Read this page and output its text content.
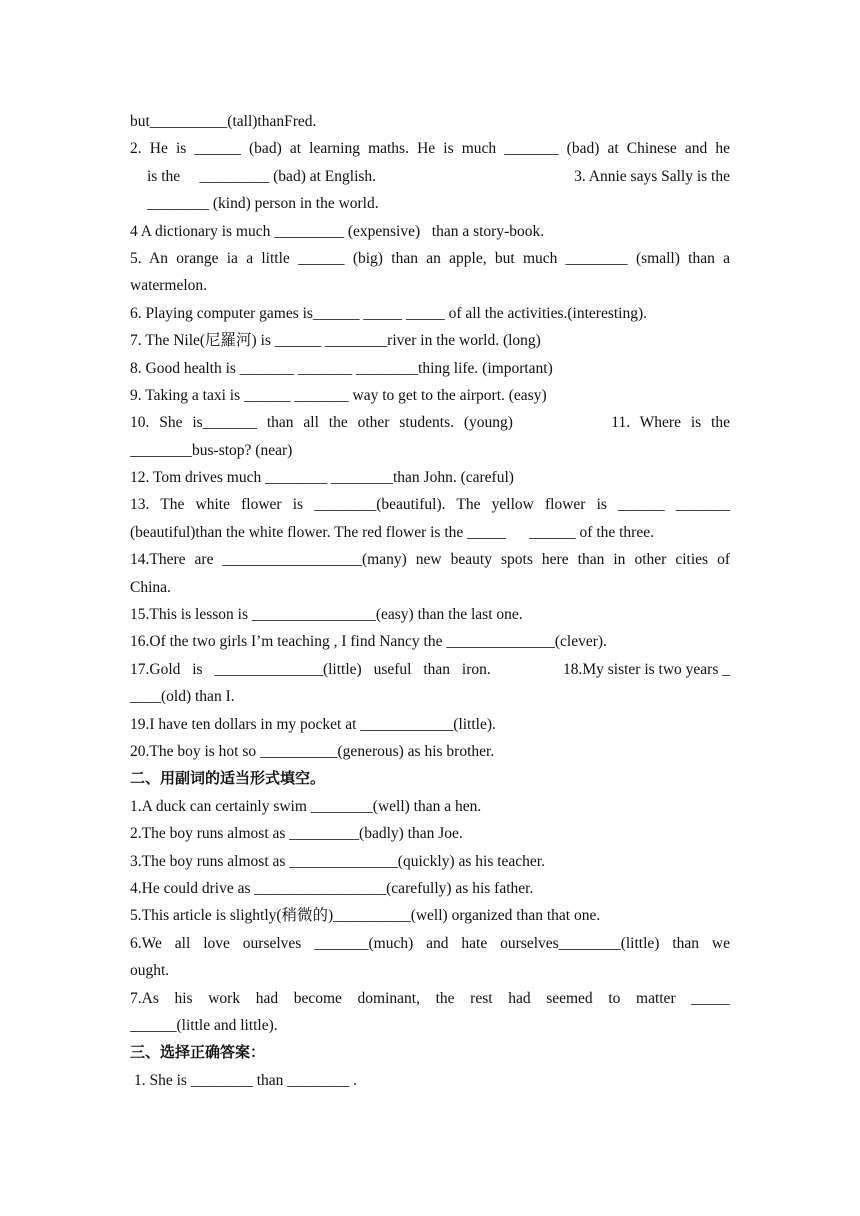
but__________(tall)thanFred.
2. He is ______ (bad) at learning maths. He is much _______ (bad) at Chinese and he
is the     _________ (bad) at English.	3. Annie says Sally is the
________ (kind) person in the world.
4 A dictionary is much _________ (expensive)   than a story-book.
5. An orange ia a little ______ (big) than an apple, but much ________ (small) than a
watermelon.
6. Playing computer games is______ _____ _____ of all the activities.(interesting).
7. The Nile(尼羅河) is ______ ________river in the world. (long)
8. Good health is _______ _______ ________thing life. (important)
9. Taking a taxi is ______ _______ way to get to the airport. (easy)
10. She is_______ than all the other students. (young)	11. Where is the
________bus-stop? (near)
12. Tom drives much ________ ________than John. (careful)
13. The white flower is ________(beautiful). The yellow flower is ______ _______
(beautiful)than the white flower. The red flower is the _____      ______ of the three.
14.There are __________________(many) new beauty spots here than in other cities of
China.
15.This is lesson is ________________(easy) than the last one.
16.Of the two girls I’m teaching , I find Nancy the ______________(clever).
17.Gold is ______________(little) useful than iron.	18.My sister is two years _
____(old) than I.
19.I have ten dollars in my pocket at ____________(little).
20.The boy is hot so __________(generous) as his brother.
二、用副词的适当形式填空。
1.A duck can certainly swim ________(well) than a hen.
2.The boy runs almost as _________(badly) than Joe.
3.The boy runs almost as ______________(quickly) as his teacher.
4.He could drive as _________________(carefully) as his father.
5.This article is slightly(稍微的)__________(well) organized than that one.
6.We all love ourselves _______(much) and hate ourselves________(little) than we
ought.
7.As his work had become dominant, the rest had seemed to matter _____
______(little and little).
三、选择正确答案：
1. She is ________ than ________ .
